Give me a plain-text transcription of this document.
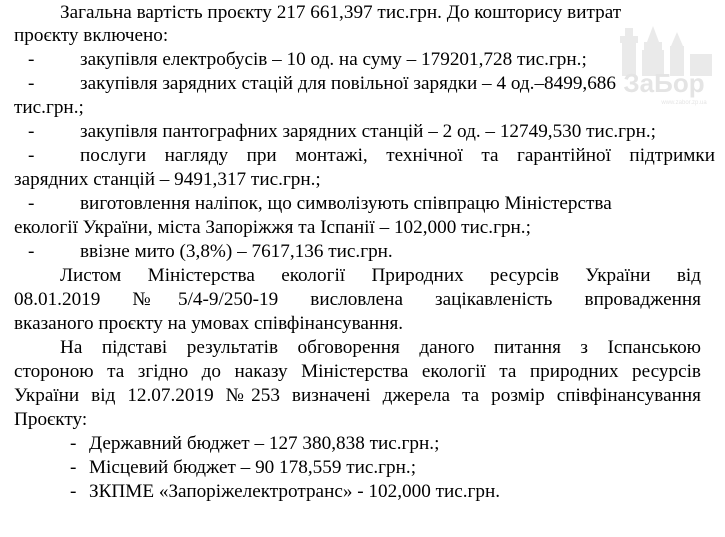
Загальна вартість проєкту 217 661,397 тис.грн. До кошторису витрат
проєкту включено:
- закупівля електробусів – 10 од. на суму – 179201,728 тис.грн.;
- закупівля зарядних стацій для повільної зарядки – 4 од.–8499,686
тис.грн.;
- закупівля пантографних зарядних станцій – 2 од. – 12749,530 тис.грн.;
- послуги нагляду при монтажі, технічної та гарантійної підтримки
зарядних станцій – 9491,317 тис.грн.;
- виготовлення наліпок, що символізують співпрацю Міністерства
екології України, міста Запоріжжя та Іспанії – 102,000 тис.грн.;
- ввізне мито (3,8%) – 7617,136 тис.грн.
Листом Міністерства екології Природних ресурсів України від
08.01.2019 №5/4-9/250-19 висловлена зацікавленість впровадження
вказаного проєкту на умовах співфінансування.
На підставі результатів обговорення даного питання з Іспанською
стороною та згідно до наказу Міністерства екології та природних ресурсів
України від 12.07.2019 №253 визначені джерела та розмір співфінансування
Проєкту:
- Державний бюджет – 127 380,838 тис.грн.;
- Місцевий бюджет – 90 178,559 тис.грн.;
- ЗКПМЕ «Запоріжелектротранс» - 102,000 тис.грн.
ЗаБор
www.zabor.zp.ua
